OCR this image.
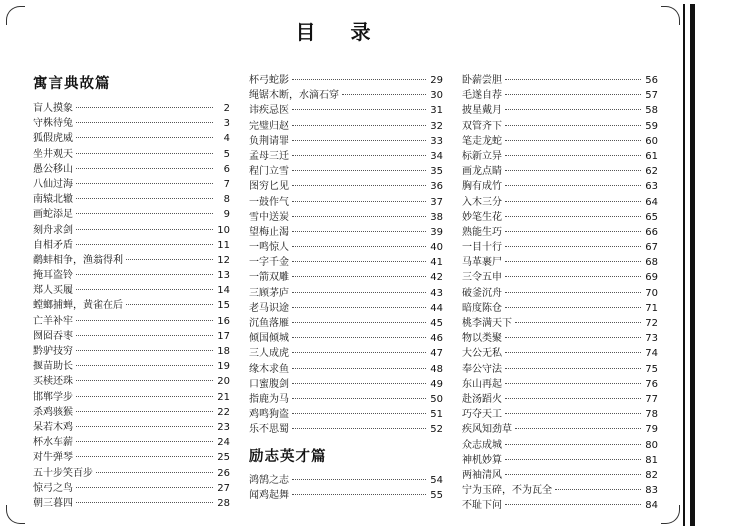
目 录
寓言典故篇
盲人摸象	2
守株待兔	3
狐假虎威	4
坐井观天	5
愚公移山	6
八仙过海	7
南辕北辙	8
画蛇添足	9
刻舟求剑	10
自相矛盾	11
鹬蚌相争，渔翁得利	12
掩耳盗铃	13
郑人买履	14
螳螂捕蝉，黄雀在后	15
亡羊补牢	16
囫囵吞枣	17
黔驴技穷	18
揠苗助长	19
买椟还珠	20
邯郸学步	21
杀鸡骇猴	22
呆若木鸡	23
杯水车薪	24
对牛弹琴	25
五十步笑百步	26
惊弓之鸟	27
朝三暮四	28
杯弓蛇影	29
绳锯木断，水滴石穿	30
讳疾忌医	31
完璧归赵	32
负荆请罪	33
孟母三迁	34
程门立雪	35
图穷匕见	36
一鼓作气	37
雪中送炭	38
望梅止渴	39
一鸣惊人	40
一字千金	41
一箭双雕	42
三顾茅庐	43
老马识途	44
沉鱼落雁	45
倾国倾城	46
三人成虎	47
缘木求鱼	48
口蜜腹剑	49
指鹿为马	50
鸡鸣狗盗	51
乐不思蜀	52
励志英才篇
鸿鹄之志	54
闻鸡起舞	55
卧薪尝胆	56
毛遂自荐	57
披星戴月	58
双管齐下	59
笔走龙蛇	60
标新立异	61
画龙点睛	62
胸有成竹	63
入木三分	64
妙笔生花	65
熟能生巧	66
一目十行	67
马革裹尸	68
三令五申	69
破釜沉舟	70
暗度陈仓	71
桃李满天下	72
物以类聚	73
大公无私	74
奉公守法	75
东山再起	76
赴汤蹈火	77
巧夺天工	78
疾风知劲草	79
众志成城	80
神机妙算	81
两袖清风	82
宁为玉碎，不为瓦全	83
不耻下问	84
